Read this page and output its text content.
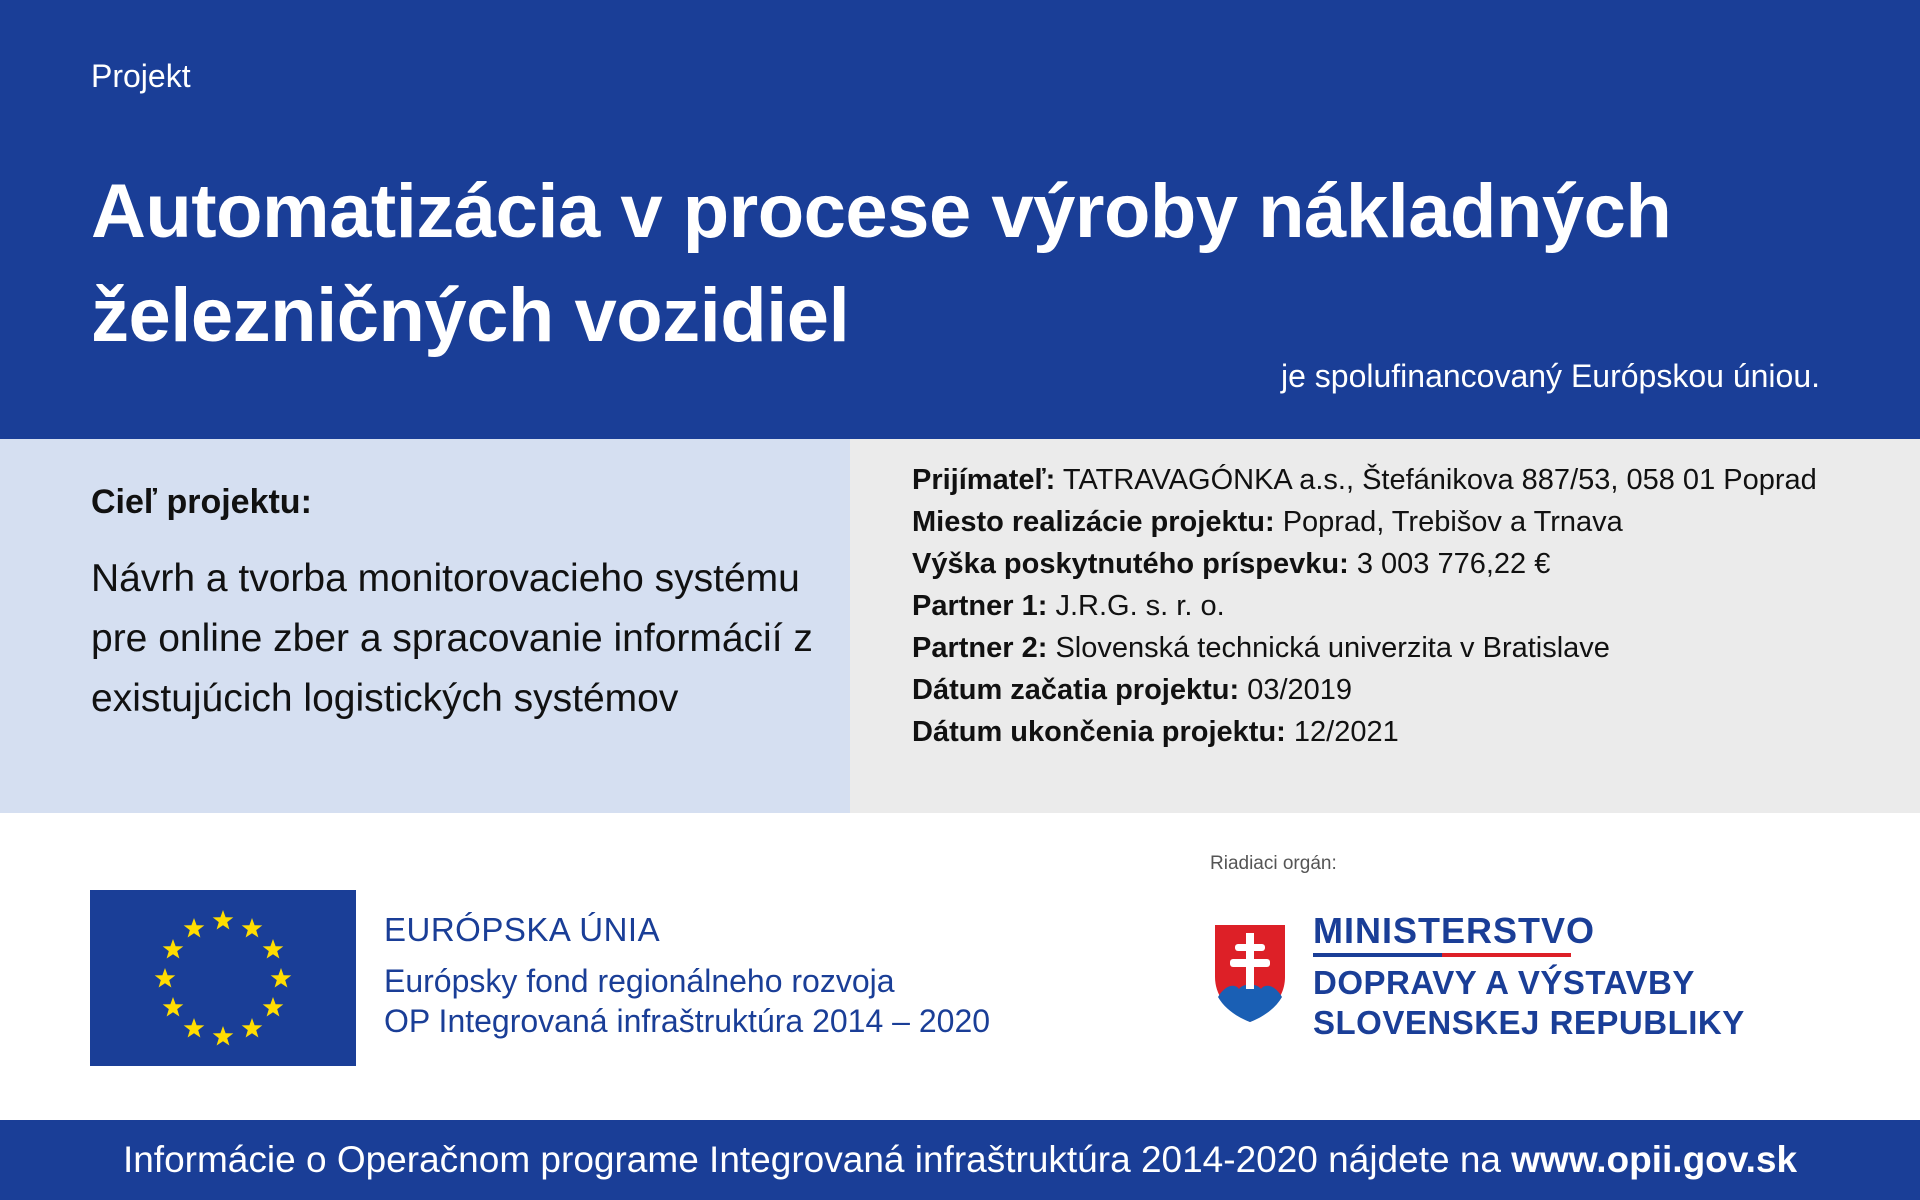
Projekt
Automatizácia v procese výroby nákladných železničných vozidiel
je spolufinancovaný Európskou úniou.
Cieľ projektu:
Návrh a tvorba monitorovacieho systému pre online zber a spracovanie informácií z existujúcich logistických systémov
Prijímateľ: TATRAVAGÓNKA a.s., Štefánikova 887/53, 058 01 Poprad
Miesto realizácie projektu: Poprad, Trebišov a Trnava
Výška poskytnutého príspevku: 3 003 776,22 €
Partner 1: J.R.G. s. r. o.
Partner 2: Slovenská technická univerzita v Bratislave
Dátum začatia projektu: 03/2019
Dátum ukončenia projektu: 12/2021
EURÓPSKA ÚNIA
Európsky fond regionálneho rozvoja
OP Integrovaná infraštruktúra 2014 – 2020
Riadiaci orgán:
MINISTERSTVO
DOPRAVY A VÝSTAVBY
SLOVENSKEJ REPUBLIKY
Informácie o Operačnom programe Integrovaná infraštruktúra 2014-2020 nájdete na www.opii.gov.sk
